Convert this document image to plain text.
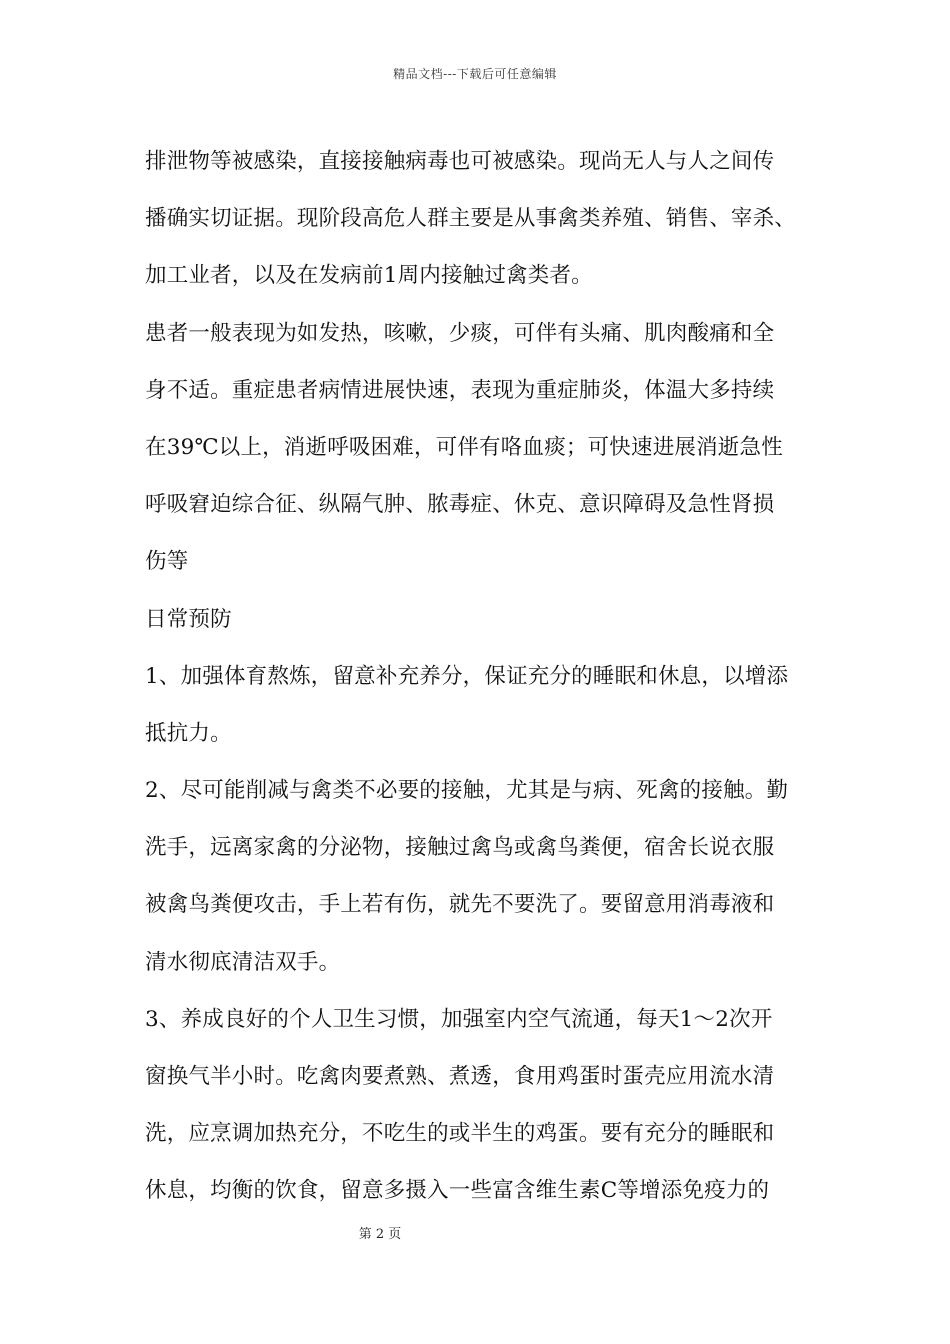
精品文档---下载后可任意编辑
排泄物等被感染，直接接触病毒也可被感染。现尚无人与人之间传
播确实切证据。现阶段高危人群主要是从事禽类养殖、销售、宰杀、
加工业者，以及在发病前1周内接触过禽类者。
患者一般表现为如发热，咳嗽，少痰，可伴有头痛、肌肉酸痛和全
身不适。重症患者病情进展快速，表现为重症肺炎，体温大多持续
在39℃以上，消逝呼吸困难，可伴有咯血痰；可快速进展消逝急性
呼吸窘迫综合征、纵隔气肿、脓毒症、休克、意识障碍及急性肾损
伤等
日常预防
1、加强体育熬炼，留意补充养分，保证充分的睡眠和休息，以增添
抵抗力。
2、尽可能削减与禽类不必要的接触，尤其是与病、死禽的接触。勤
洗手，远离家禽的分泌物，接触过禽鸟或禽鸟粪便，宿舍长说衣服
被禽鸟粪便攻击，手上若有伤，就先不要洗了。要留意用消毒液和
清水彻底清洁双手。
3、养成良好的个人卫生习惯，加强室内空气流通，每天1～2次开
窗换气半小时。吃禽肉要煮熟、煮透，食用鸡蛋时蛋壳应用流水清
洗，应烹调加热充分，不吃生的或半生的鸡蛋。要有充分的睡眠和
休息，均衡的饮食，留意多摄入一些富含维生素C等增添免疫力的
第 2 页
